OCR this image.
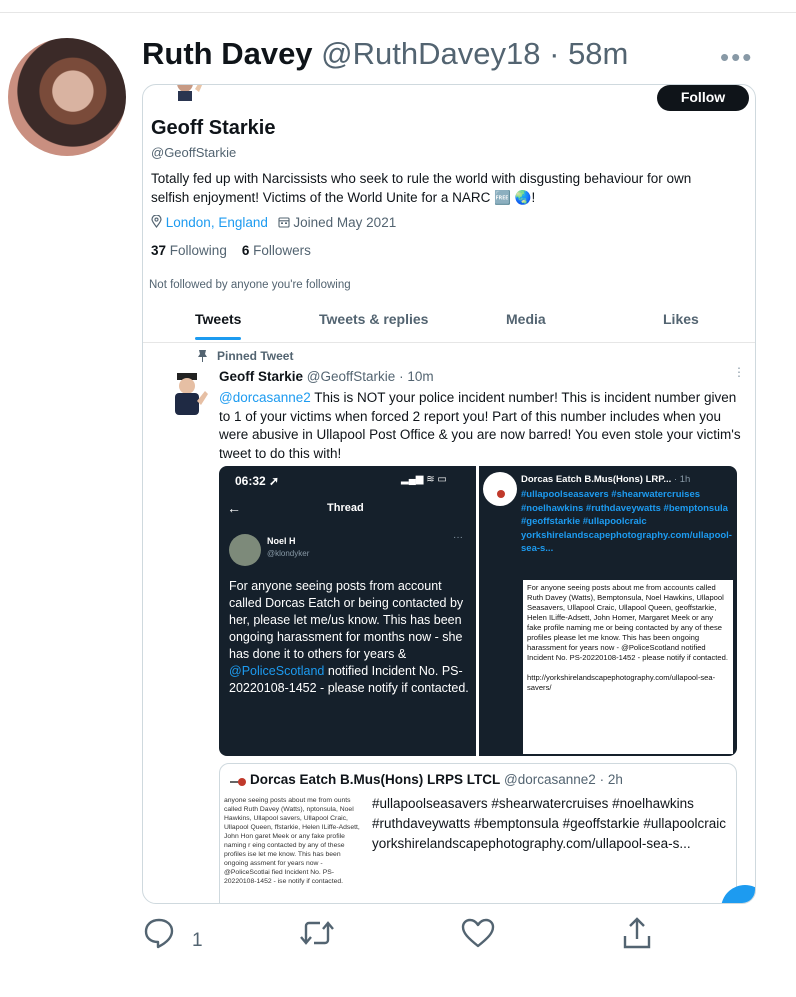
Ruth Davey @RuthDavey18 · 58m	•••
Follow
Geoff Starkie
@GeoffStarkie
Totally fed up with Narcissists who seek to rule the world with disgusting behaviour for own selfish enjoyment! Victims of the World Unite for a NARC 🆓 🌏!
London, England Joined May 2021
37 Following 6 Followers
Not followed by anyone you're following
Tweets	Tweets & replies	Media	Likes
Pinned Tweet
Geoff Starkie @GeoffStarkie · 10m	⋮
@dorcasanne2 This is NOT your police incident number! This is incident number given to 1 of your victims when forced 2 report you! Part of this number includes when you were abusive in Ullapool Post Office & you are now barred! You even stole your victim's tweet to do this with!
06:32 ➚	▂▄▆ ≋ ▭
←	Thread
Noel H
@klondyker
···
For anyone seeing posts from account called Dorcas Eatch or being contacted by her, please let me/us know. This has been ongoing harassment for months now - she has done it to others for years & @PoliceScotland notified Incident No. PS-20220108-1452 - please notify if contacted.
Dorcas Eatch B.Mus(Hons) LRP... · 1h
#ullapoolseasavers #shearwatercruises #noelhawkins #ruthdaveywatts #bemptonsula #geoffstarkie #ullapoolcraic yorkshirelandscapephotography.com/ullapool-sea-s...
For anyone seeing posts about me from accounts called Ruth Davey (Watts), Bemptonsula, Noel Hawkins, Ullapool Seasavers, Ullapool Craic, Ullapool Queen, geoffstarkie, Helen ILiffe-Adsett, John Homer, Margaret Meek or any fake profile naming me or being contacted by any of these profiles please let me know. This has been ongoing harassment for years now - @PoliceScotland notified Incident No. PS-20220108-1452 - please notify if contacted.
http://yorkshirelandscapephotography.com/ullapool-sea-savers/
Dorcas Eatch B.Mus(Hons) LRPS LTCL @dorcasanne2 · 2h
anyone seeing posts about me from ounts called Ruth Davey (Watts), nptonsula, Noel Hawkins, Ullapool savers, Ullapool Craic, Ullapool Queen, ffstarkie, Helen ILiffe-Adsett, John Hon garet Meek or any fake profile naming r eing contacted by any of these profiles ise let me know. This has been ongoing assment for years now - @PoliceScotlai fied Incident No. PS-20220108-1452 - ise notify if contacted.
#ullapoolseasavers #shearwatercruises #noelhawkins #ruthdaveywatts #bemptonsula #geoffstarkie #ullapoolcraic yorkshirelandscapephotography.com/ullapool-sea-s...
1
